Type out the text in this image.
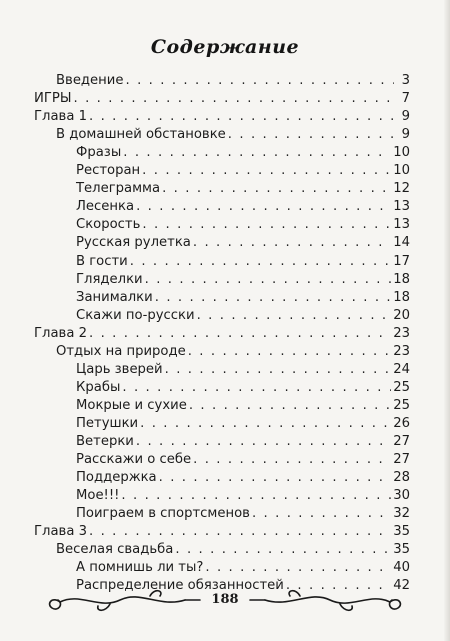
Содержание
Введение . . .	3
ИГРЫ . . .	7
Глава 1 . . .	9
В домашней обстановке . . .	9
Фразы . . .	10
Ресторан . . .	10
Телеграмма . . .	12
Лесенка . . .	13
Скорость . . .	13
Русская рулетка . . .	14
В гости . . .	17
Гляделки . . .	18
Занималки . . .	18
Скажи по-русски . . .	20
Глава 2 . . .	23
Отдых на природе . . .	23
Царь зверей . . .	24
Крабы . . .	25
Мокрые и сухие . . .	25
Петушки . . .	26
Ветерки . . .	27
Расскажи о себе . . .	27
Поддержка . . .	28
Мое!!! . . .	30
Поиграем в спортсменов . . .	32
Глава 3 . . .	35
Веселая свадьба . . .	35
А помнишь ли ты? . . .	40
Распределение обязанностей . . .	42
188
